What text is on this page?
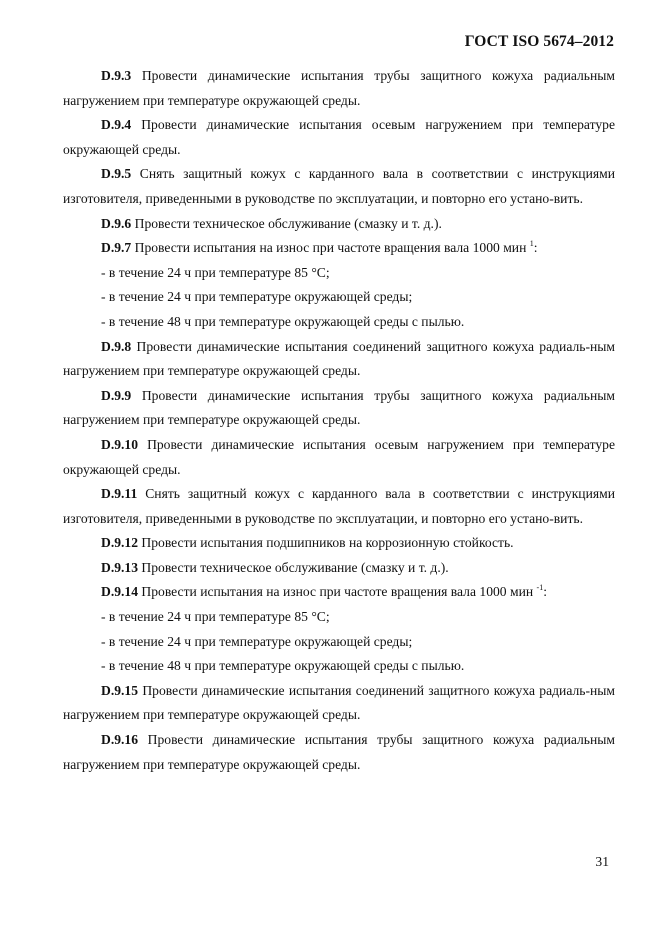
ГОСТ ISO 5674–2012

D.9.3 Провести динамические испытания трубы защитного кожуха радиальным нагружением при температуре окружающей среды.

D.9.4 Провести динамические испытания осевым нагружением при температуре окружающей среды.

D.9.5 Снять защитный кожух с карданного вала в соответствии с инструкциями изготовителя, приведенными в руководстве по эксплуатации, и повторно его устано-вить.

D.9.6 Провести техническое обслуживание (смазку и т. д.).

D.9.7 Провести испытания на износ при частоте вращения вала 1000 мин $^1$:

- в течение 24 ч при температуре 85 °С;

- в течение 24 ч при температуре окружающей среды;

- в течение 48 ч при температуре окружающей среды с пылью.

D.9.8 Провести динамические испытания соединений защитного кожуха радиаль-ным нагружением при температуре окружающей среды.

D.9.9 Провести динамические испытания трубы защитного кожуха радиальным нагружением при температуре окружающей среды.

D.9.10 Провести динамические испытания осевым нагружением при температуре окружающей среды.

D.9.11 Снять защитный кожух с карданного вала в соответствии с инструкциями изготовителя, приведенными в руководстве по эксплуатации, и повторно его устано-вить.

D.9.12 Провести испытания подшипников на коррозионную стойкость.

D.9.13 Провести техническое обслуживание (смазку и т. д.).

D.9.14 Провести испытания на износ при частоте вращения вала 1000 мин $^{-1}$:

- в течение 24 ч при температуре 85 °С;

- в течение 24 ч при температуре окружающей среды;

- в течение 48 ч при температуре окружающей среды с пылью.

D.9.15 Провести динамические испытания соединений защитного кожуха радиаль-ным нагружением при температуре окружающей среды.

D.9.16 Провести динамические испытания трубы защитного кожуха радиальным нагружением при температуре окружающей среды.

31
